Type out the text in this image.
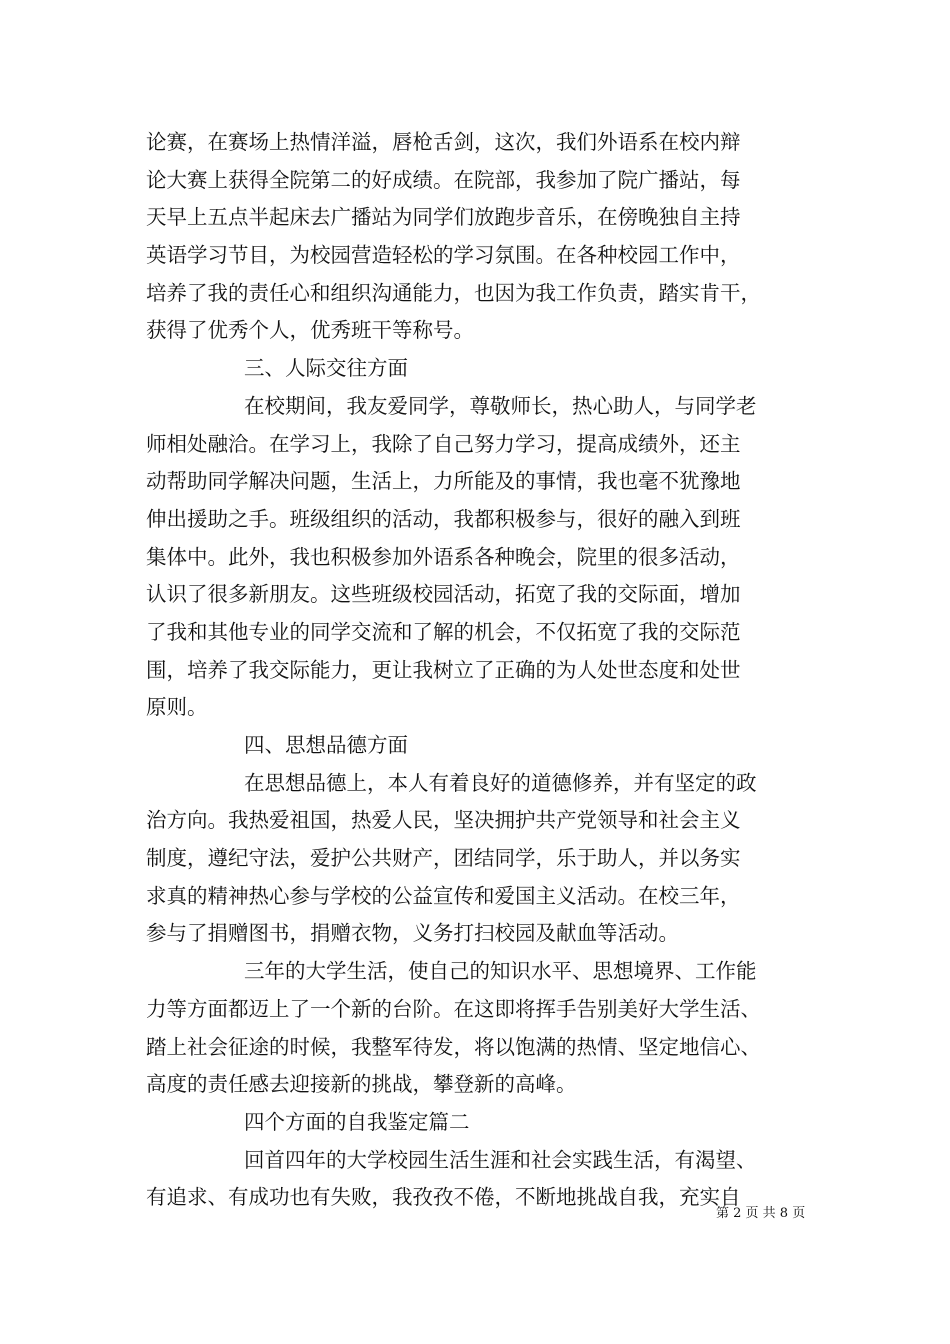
论赛，在赛场上热情洋溢，唇枪舌剑，这次，我们外语系在校内辩
论大赛上获得全院第二的好成绩。在院部，我参加了院广播站，每
天早上五点半起床去广播站为同学们放跑步音乐，在傍晚独自主持
英语学习节目，为校园营造轻松的学习氛围。在各种校园工作中，
培养了我的责任心和组织沟通能力，也因为我工作负责，踏实肯干，
获得了优秀个人，优秀班干等称号。
三、人际交往方面
在校期间，我友爱同学，尊敬师长，热心助人，与同学老
师相处融洽。在学习上，我除了自己努力学习，提高成绩外，还主
动帮助同学解决问题，生活上，力所能及的事情，我也毫不犹豫地
伸出援助之手。班级组织的活动，我都积极参与，很好的融入到班
集体中。此外，我也积极参加外语系各种晚会，院里的很多活动，
认识了很多新朋友。这些班级校园活动，拓宽了我的交际面，增加
了我和其他专业的同学交流和了解的机会，不仅拓宽了我的交际范
围，培养了我交际能力，更让我树立了正确的为人处世态度和处世
原则。
四、思想品德方面
在思想品德上，本人有着良好的道德修养，并有坚定的政
治方向。我热爱祖国，热爱人民，坚决拥护共产党领导和社会主义
制度，遵纪守法，爱护公共财产，团结同学，乐于助人，并以务实
求真的精神热心参与学校的公益宣传和爱国主义活动。在校三年，
参与了捐赠图书，捐赠衣物，义务打扫校园及献血等活动。
三年的大学生活，使自己的知识水平、思想境界、工作能
力等方面都迈上了一个新的台阶。在这即将挥手告别美好大学生活、
踏上社会征途的时候，我整军待发，将以饱满的热情、坚定地信心、
高度的责任感去迎接新的挑战，攀登新的高峰。
四个方面的自我鉴定篇二
回首四年的大学校园生活生涯和社会实践生活，有渴望、
有追求、有成功也有失败，我孜孜不倦，不断地挑战自我，充实自
第 2 页 共 8 页
